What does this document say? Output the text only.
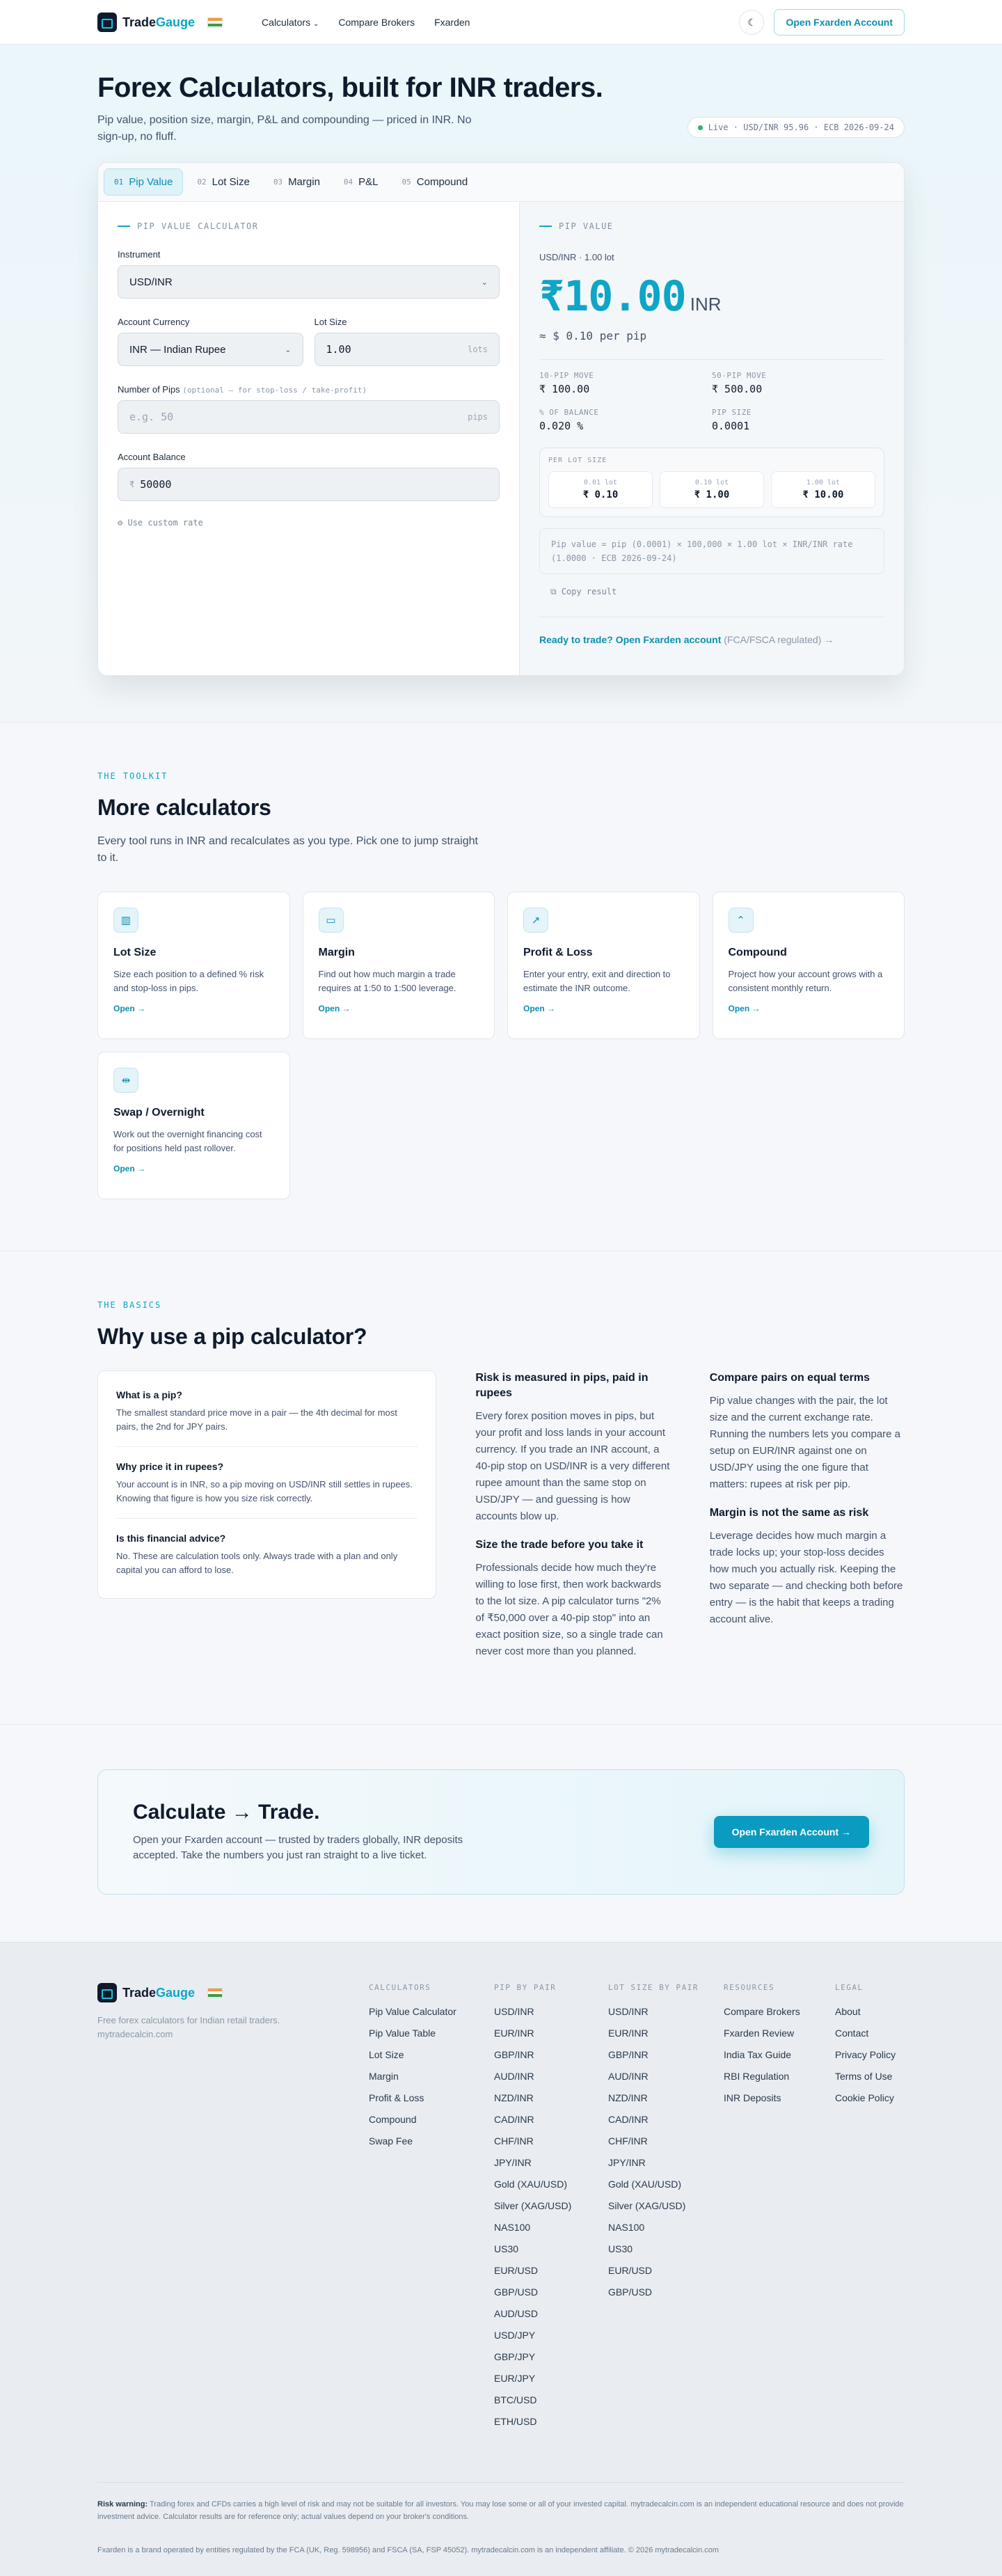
Trade Gauge	Calculators ⌄ Compare Brokers Fxarden	☾	Open Fxarden Account
Forex Calculators, built for INR traders.
Pip value, position size, margin, P&L and compounding — priced in INR. No sign-up, no fluff.
Live · USD/INR 95.96 · ECB 2026-09-24
01 Pip Value	02 Lot Size	03 Margin	04 P&L	05 Compound
PIP VALUE CALCULATOR
Instrument
USD/INR	⌄
Account Currency
INR — Indian Rupee	⌄
Lot Size
1.00	lots
Number of Pips (optional — for stop-loss / take-profit)
e.g. 50	pips
Account Balance
₹ 50000
⚙ Use custom rate
PIP VALUE
USD/INR · 1.00 lot
₹10.00 INR
≈ $ 0.10 per pip
10-PIP MOVE
₹ 100.00
50-PIP MOVE
₹ 500.00
% OF BALANCE
0.020 %
PIP SIZE
0.0001
PER LOT SIZE
0.01 lot
₹ 0.10
0.10 lot
₹ 1.00
1.00 lot
₹ 10.00
Pip value = pip (0.0001) × 100,000 × 1.00 lot × INR/INR rate (1.0000 · ECB 2026-09-24)
⧉ Copy result
Ready to trade? Open Fxarden account (FCA/FSCA regulated) →
THE TOOLKIT
More calculators
Every tool runs in INR and recalculates as you type. Pick one to jump straight to it.
▥
Lot Size

Size each position to a defined % risk and stop-loss in pips.

Open →
▭
Margin

Find out how much margin a trade requires at 1:50 to 1:500 leverage.

Open →
↗
Profit & Loss

Enter your entry, exit and direction to estimate the INR outcome.

Open →
⌃
Compound

Project how your account grows with a consistent monthly return.

Open →
⇹
Swap / Overnight

Work out the overnight financing cost for positions held past rollover.

Open →
THE BASICS
Why use a pip calculator?
What is a pip?
The smallest standard price move in a pair — the 4th decimal for most pairs, the 2nd for JPY pairs.
Why price it in rupees?
Your account is in INR, so a pip moving on USD/INR still settles in rupees. Knowing that figure is how you size risk correctly.
Is this financial advice?
No. These are calculation tools only. Always trade with a plan and only capital you can afford to lose.
Risk is measured in pips, paid in rupees

Every forex position moves in pips, but your profit and loss lands in your account currency. If you trade an INR account, a 40-pip stop on USD/INR is a very different rupee amount than the same stop on USD/JPY — and guessing is how accounts blow up.

Size the trade before you take it

Professionals decide how much they're willing to lose first, then work backwards to the lot size. A pip calculator turns "2% of ₹50,000 over a 40-pip stop" into an exact position size, so a single trade can never cost more than you planned.

Compare pairs on equal terms

Pip value changes with the pair, the lot size and the current exchange rate. Running the numbers lets you compare a setup on EUR/INR against one on USD/JPY using the one figure that matters: rupees at risk per pip.

Margin is not the same as risk

Leverage decides how much margin a trade locks up; your stop-loss decides how much you actually risk. Keeping the two separate — and checking both before entry — is the habit that keeps a trading account alive.

Calculate → Trade.

Open your Fxarden account — trusted by traders globally, INR deposits accepted. Take the numbers you just ran straight to a live ticket.

Open Fxarden Account →
Trade Gauge
Free forex calculators for Indian retail traders. mytradecalcin.com
CALCULATORS
Pip Value Calculator
Pip Value Table
Lot Size
Margin
Profit & Loss
Compound
Swap Fee
PIP BY PAIR
USD/INR
EUR/INR
GBP/INR
AUD/INR
NZD/INR
CAD/INR
CHF/INR
JPY/INR
Gold (XAU/USD)
Silver (XAG/USD)
NAS100
US30
EUR/USD
GBP/USD
AUD/USD
USD/JPY
GBP/JPY
EUR/JPY
BTC/USD
ETH/USD
LOT SIZE BY PAIR
USD/INR
EUR/INR
GBP/INR
AUD/INR
NZD/INR
CAD/INR
CHF/INR
JPY/INR
Gold (XAU/USD)
Silver (XAG/USD)
NAS100
US30
EUR/USD
GBP/USD
RESOURCES
Compare Brokers
Fxarden Review
India Tax Guide
RBI Regulation
INR Deposits
LEGAL
About
Contact
Privacy Policy
Terms of Use
Cookie Policy
Risk warning: Trading forex and CFDs carries a high level of risk and may not be suitable for all investors. You may lose some or all of your invested capital. mytradecalcin.com is an independent educational resource and does not provide investment advice. Calculator results are for reference only; actual values depend on your broker's conditions.
Fxarden is a brand operated by entities regulated by the FCA (UK, Reg. 598956) and FSCA (SA, FSP 45052). mytradecalcin.com is an independent affiliate. © 2026 mytradecalcin.com
